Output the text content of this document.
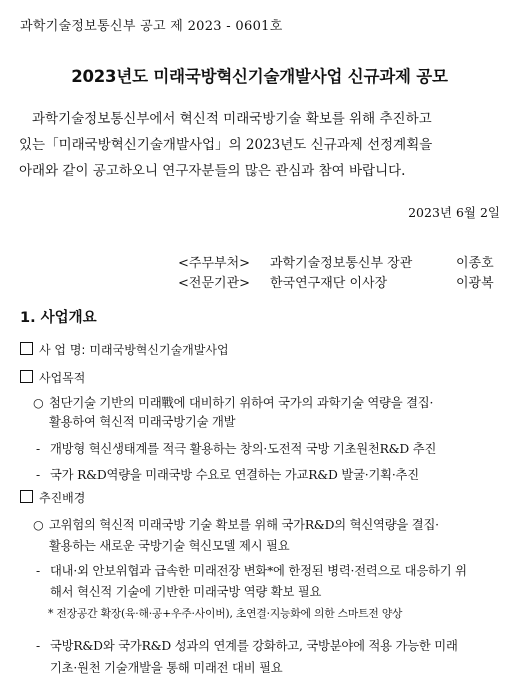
과학기술정보통신부 공고 제 2023 - 0601호
2023년도 미래국방혁신기술개발사업 신규과제 공모
과학기술정보통신부에서 혁신적 미래국방기술 확보를 위해 추진하고
있는「미래국방혁신기술개발사업」의 2023년도 신규과제 선정계획을
아래와 같이 공고하오니 연구자분들의 많은 관심과 참여 바랍니다.
2023년 6월 2일
<주무부처> 과학기술정보통신부 장관	이종호
<전문기관> 한국연구재단 이사장	이광복
1. 사업개요
사 업 명: 미래국방혁신기술개발사업
사업목적
○ 첨단기술 기반의 미래戰에 대비하기 위하여 국가의 과학기술 역량을 결집·
활용하여 혁신적 미래국방기술 개발
- 개방형 혁신생태계를 적극 활용하는 창의·도전적 국방 기초원천R&D 추진
- 국가 R&D역량을 미래국방 수요로 연결하는 가교R&D 발굴·기획·추진
추진배경
○ 고위험의 혁신적 미래국방 기술 확보를 위해 국가R&D의 혁신역량을 결집·
활용하는 새로운 국방기술 혁신모델 제시 필요
- 대내·외 안보위협과 급속한 미래전장 변화*에 한정된 병력·전력으로 대응하기 위
해서 혁신적 기술에 기반한 미래국방 역량 확보 필요
* 전장공간 확장(육·해·공+우주·사이버), 초연결·지능화에 의한 스마트전 양상
- 국방R&D와 국가R&D 성과의 연계를 강화하고, 국방분야에 적용 가능한 미래
기초·원천 기술개발을 통해 미래전 대비 필요
